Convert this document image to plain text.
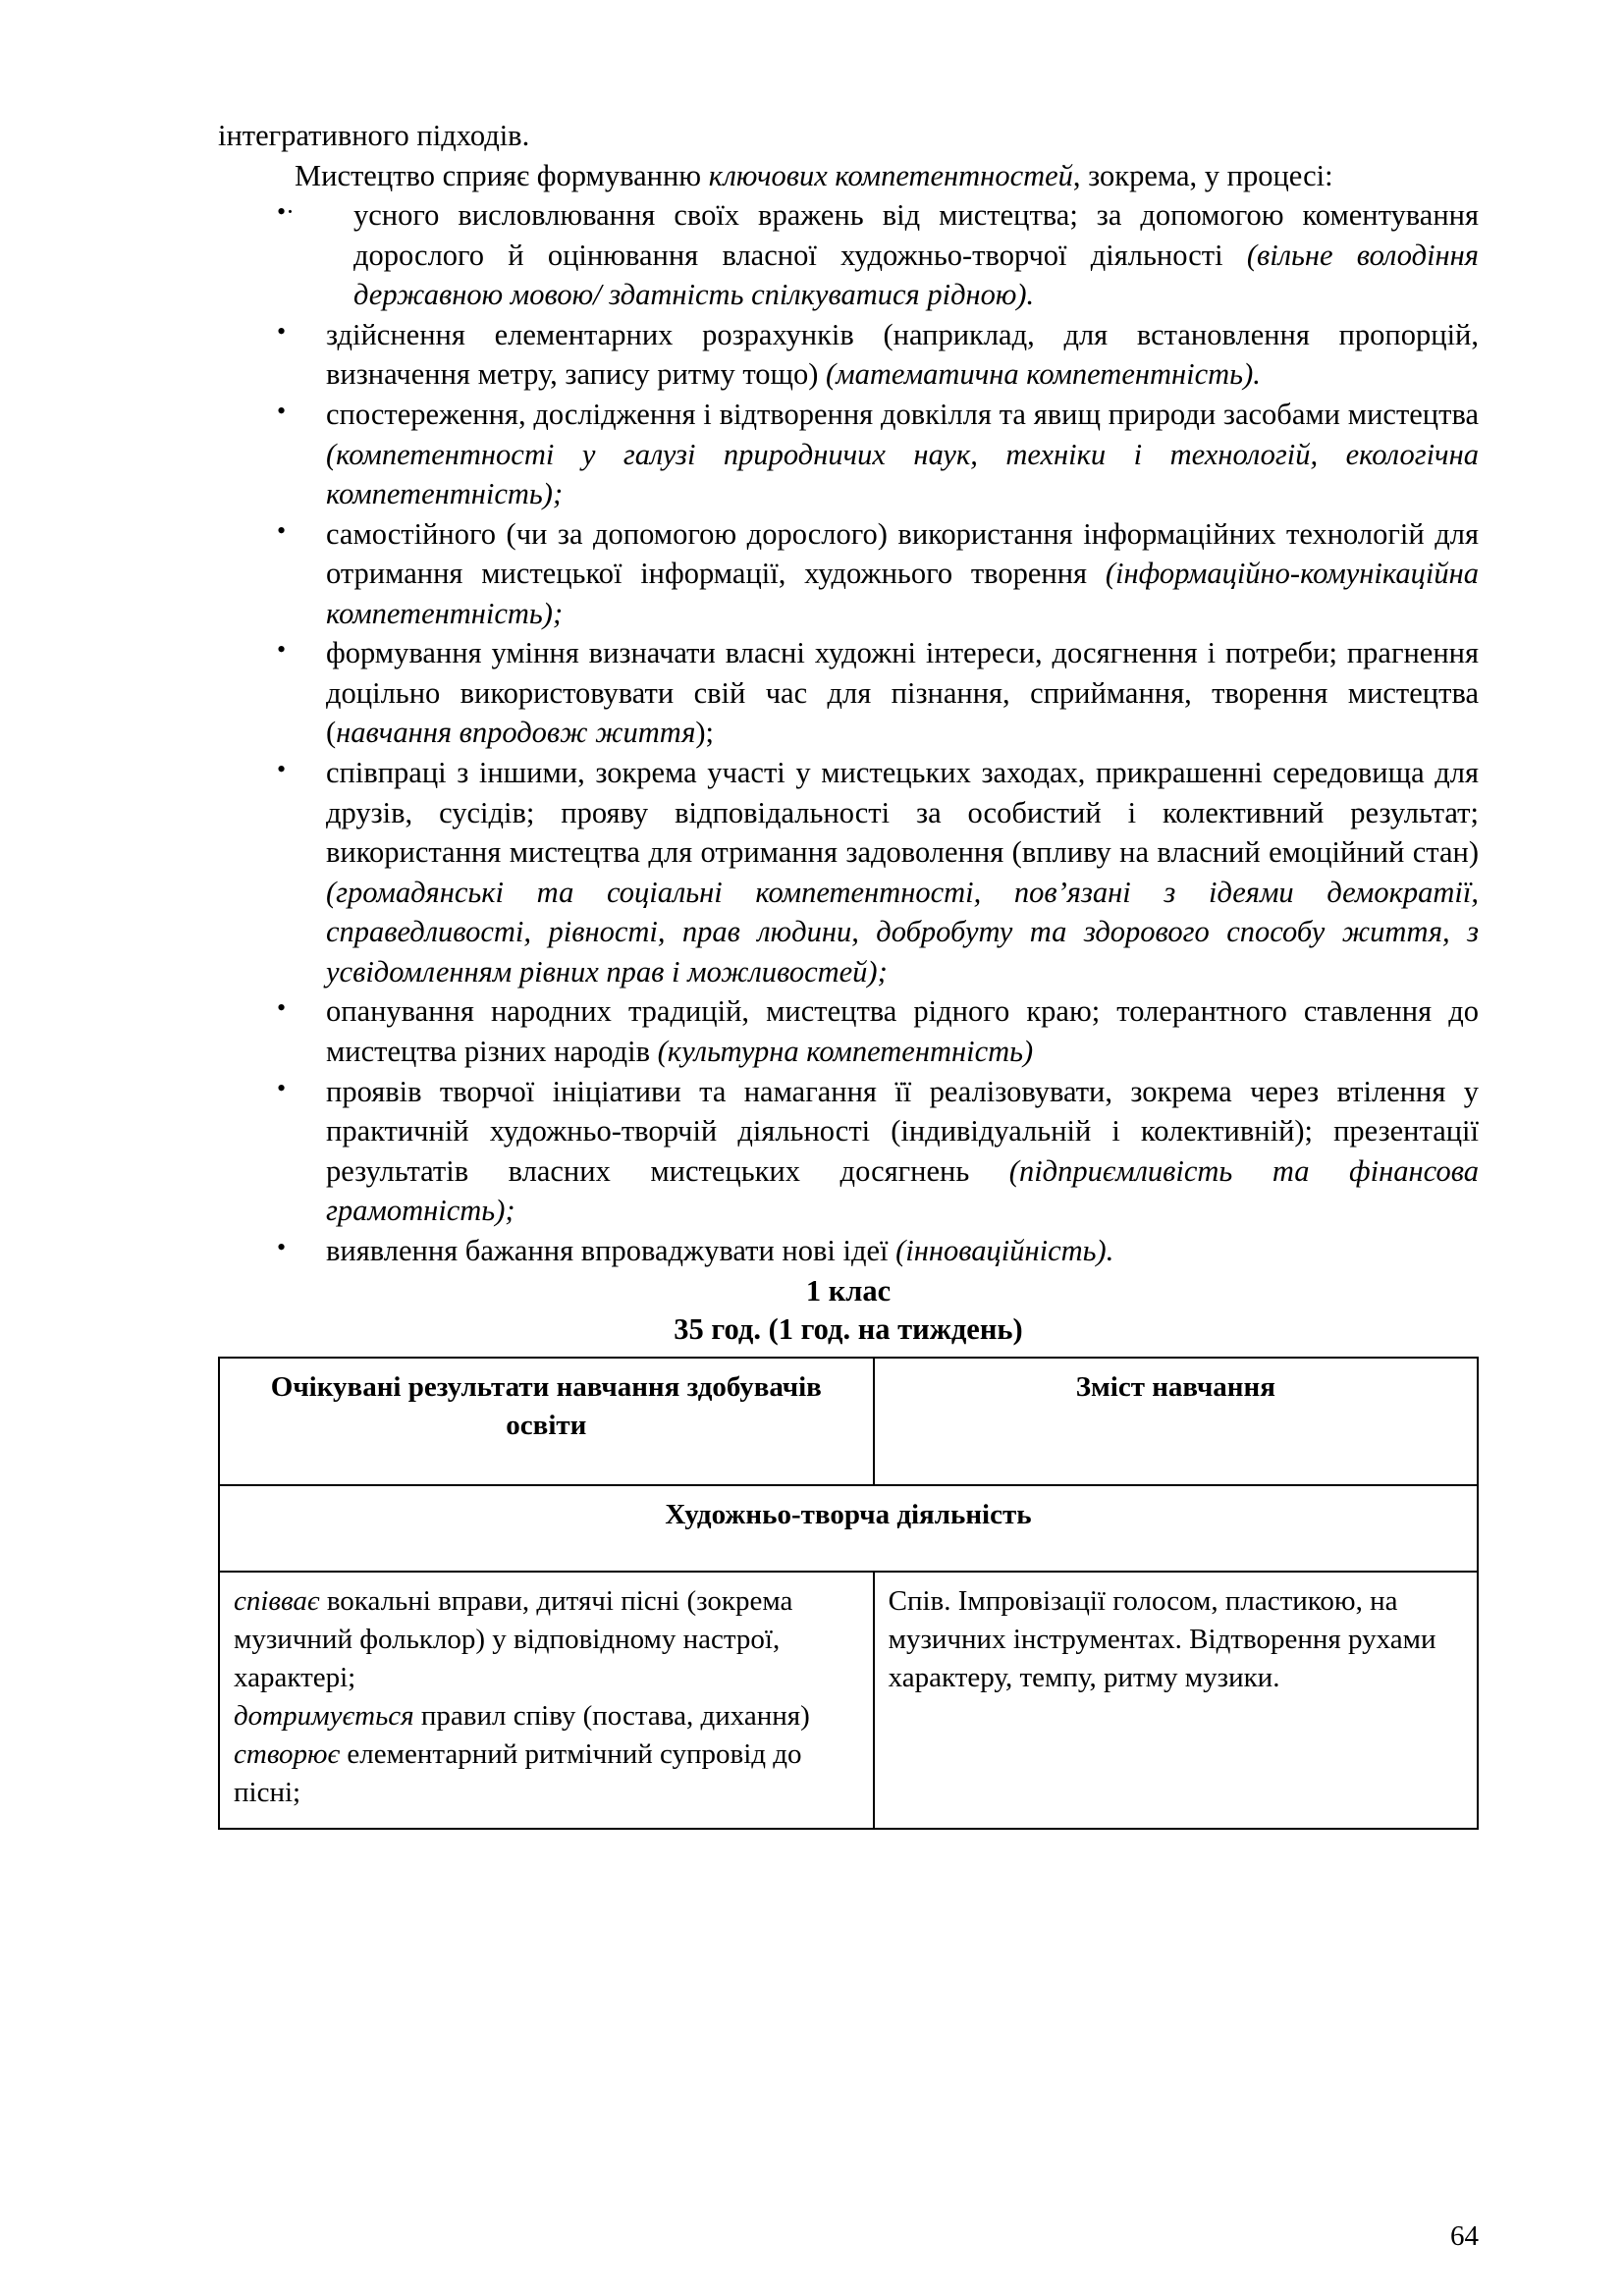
інтегративного підходів.

Мистецтво сприяє формуванню ключових компетентностей, зокрема, у процесі:

•· усного висловлювання своїх вражень від мистецтва; за допомогою коментування дорослого й оцінювання власної художньо-творчої діяльності (вільне володіння державною мовою/ здатність спілкуватися рідною).

• здійснення елементарних розрахунків (наприклад, для встановлення пропорцій, визначення метру, запису ритму тощо) (математична компетентність).

• спостереження, дослідження і відтворення довкілля та явищ природи засобами мистецтва (компетентності у галузі природничих наук, техніки і технологій, екологічна компетентність);

• самостійного (чи за допомогою дорослого) використання інформаційних технологій для отримання мистецької інформації, художнього творення (інформаційно-комунікаційна компетентність);

• формування уміння визначати власні художні інтереси, досягнення і потреби; прагнення доцільно використовувати свій час для пізнання, сприймання, творення мистецтва (навчання впродовж життя);

• співпраці з іншими, зокрема участі у мистецьких заходах, прикрашенні середовища для друзів, сусідів; прояву відповідальності за особистий і колективний результат; використання мистецтва для отримання задоволення (впливу на власний емоційний стан) (громадянські та соціальні компетентності, пов’язані з ідеями демократії, справедливості, рівності, прав людини, добробуту та здорового способу життя, з усвідомленням рівних прав і можливостей);

• опанування народних традицій, мистецтва рідного краю; толерантного ставлення до мистецтва різних народів (культурна компетентність)

• проявів творчої ініціативи та намагання її реалізовувати, зокрема через втілення у практичній художньо-творчій діяльності (індивідуальній і колективній); презентації результатів власних мистецьких досягнень (підприємливість та фінансова грамотність);

• виявлення бажання впроваджувати нові ідеї (інноваційність).

1 клас
35 год. (1 год. на тиждень)
Очікувані результати навчання здобувачів освіти	Зміст навчання
Художньо-творча діяльність	
співває вокальні вправи, дитячі пісні (зокрема музичний фольклор) у відповідному настрої, характері;
дотримується правил співу (постава, дихання)
створює елементарний ритмічний супровід до пісні;	Спів. Імпровізації голосом, пластикою, на музичних інструментах. Відтворення рухами характеру, темпу, ритму музики.
64
